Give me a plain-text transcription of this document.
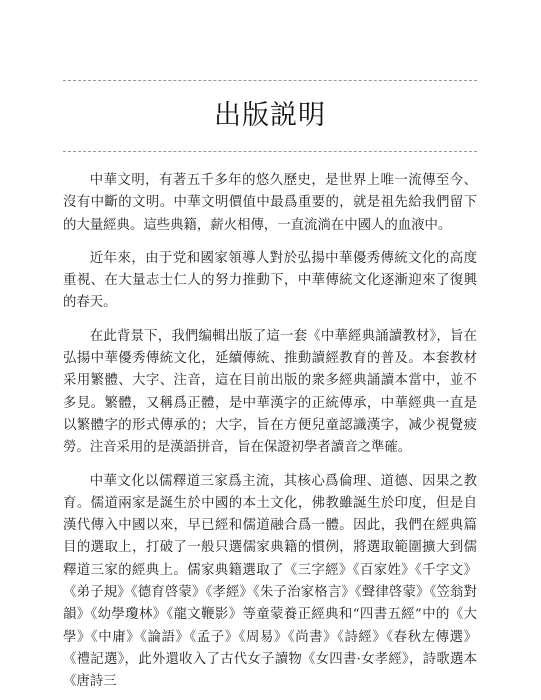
出版説明

中華文明，有著五千多年的悠久歷史，是世界上唯一流傳至今、沒有中斷的文明。中華文明價值中最爲重要的，就是祖先給我們留下的大量經典。這些典籍，薪火相傳，一直流淌在中國人的血液中。

近年來，由于党和國家領導人對於弘揚中華優秀傳統文化的高度重視、在大量志士仁人的努力推動下，中華傳統文化逐漸迎來了復興的春天。

在此背景下，我們编輯出版了這一套《中華經典誦讀教材》，旨在弘揚中華優秀傳統文化，延續傳統、推動讀經教育的普及。本套教材采用繁體、大字、注音，這在目前出版的衆多經典誦讀本當中，並不多見。繁體，又稱爲正體，是中華漢字的正統傳承，中華經典一直是以繁體字的形式傳承的；大字，旨在方便兒童認識漢字，减少視覺疲勞。注音采用的是漢語拼音，旨在保證初學者讀音之準確。

中華文化以儒釋道三家爲主流，其核心爲倫理、道德、因果之教育。儒道兩家是誕生於中國的本土文化，佛教雖誕生於印度，但是自漢代傳入中國以來，早已經和儒道融合爲一體。因此，我們在經典篇目的選取上，打破了一般只選儒家典籍的慣例，將選取範圍擴大到儒釋道三家的經典上。儒家典籍選取了《三字經》《百家姓》《千字文》《弟子規》《德育啓蒙》《孝經》《朱子治家格言》《聲律啓蒙》《笠翁對韻》《幼學瓊林》《龍文鞭影》等童蒙養正經典和“四書五經”中的《大學》《中庸》《論語》《孟子》《周易》《尚書》《詩經》《春秋左傳選》《禮記選》，此外還收入了古代女子讀物《女四書·女孝經》，詩歌選本《唐詩三
